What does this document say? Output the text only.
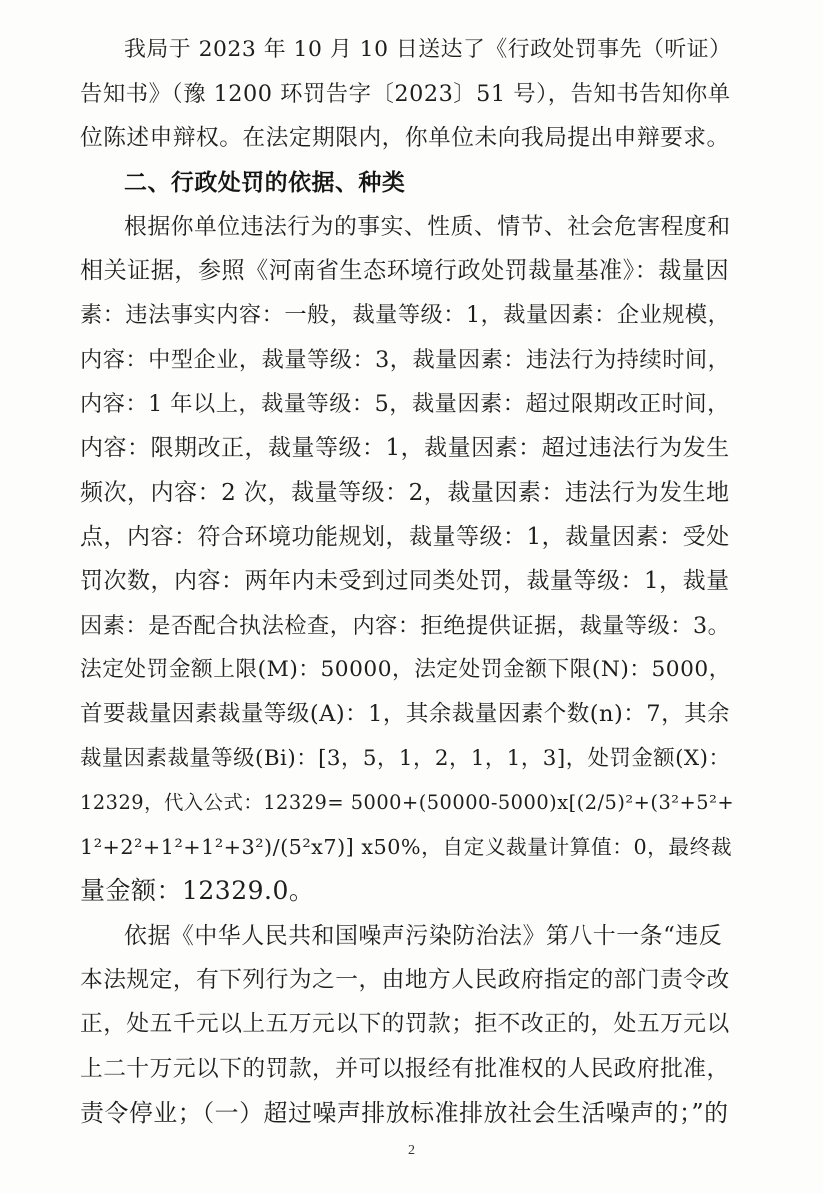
我局于 2023 年 10 月 10 日送达了《行政处罚事先（听证）
告知书》（豫 1200 环罚告字〔2023〕51 号），告知书告知你单
位陈述申辩权。在法定期限内，你单位未向我局提出申辩要求。
二、行政处罚的依据、种类
根据你单位违法行为的事实、性质、情节、社会危害程度和
相关证据，参照《河南省生态环境行政处罚裁量基准》：裁量因
素：违法事实内容：一般，裁量等级：1，裁量因素：企业规模，
内容：中型企业，裁量等级：3，裁量因素：违法行为持续时间，
内容：1 年以上，裁量等级：5，裁量因素：超过限期改正时间，
内容：限期改正，裁量等级：1，裁量因素：超过违法行为发生
频次，内容：2 次，裁量等级：2，裁量因素：违法行为发生地
点，内容：符合环境功能规划，裁量等级：1，裁量因素：受处
罚次数，内容：两年内未受到过同类处罚，裁量等级：1，裁量
因素：是否配合执法检查，内容：拒绝提供证据，裁量等级：3。
法定处罚金额上限(M)：50000，法定处罚金额下限(N)：5000，
首要裁量因素裁量等级(A)：1，其余裁量因素个数(n)：7，其余
裁量因素裁量等级(Bi)：[3，5，1，2，1，1，3]，处罚金额(X)：
12329，代入公式：12329= 5000+(50000-5000)x[(2/5)²+(3²+5²+
1²+2²+1²+1²+3²)/(5²x7)] x50%，自定义裁量计算值：0，最终裁
量金额：12329.0。
依据《中华人民共和国噪声污染防治法》第八十一条“违反
本法规定，有下列行为之一，由地方人民政府指定的部门责令改
正，处五千元以上五万元以下的罚款；拒不改正的，处五万元以
上二十万元以下的罚款，并可以报经有批准权的人民政府批准，
责令停业；（一）超过噪声排放标准排放社会生活噪声的；”的
2
